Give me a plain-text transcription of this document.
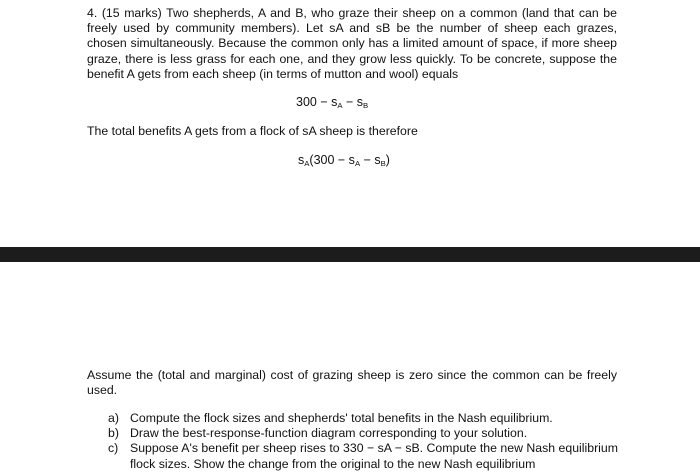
4. (15 marks) Two shepherds, A and B, who graze their sheep on a common (land that can be freely used by community members). Let sA and sB be the number of sheep each grazes, chosen simultaneously. Because the common only has a limited amount of space, if more sheep graze, there is less grass for each one, and they grow less quickly. To be concrete, suppose the benefit A gets from each sheep (in terms of mutton and wool) equals

$300 - s_A - s_B$

The total benefits A gets from a flock of sA sheep is therefore

$s_A(300 - s_A - s_B)$

Assume the (total and marginal) cost of grazing sheep is zero since the common can be freely used.

a) Compute the flock sizes and shepherds' total benefits in the Nash equilibrium.
b) Draw the best-response-function diagram corresponding to your solution.
c) Suppose A's benefit per sheep rises to 330 − sA − sB. Compute the new Nash equilibrium flock sizes. Show the change from the original to the new Nash equilibrium
